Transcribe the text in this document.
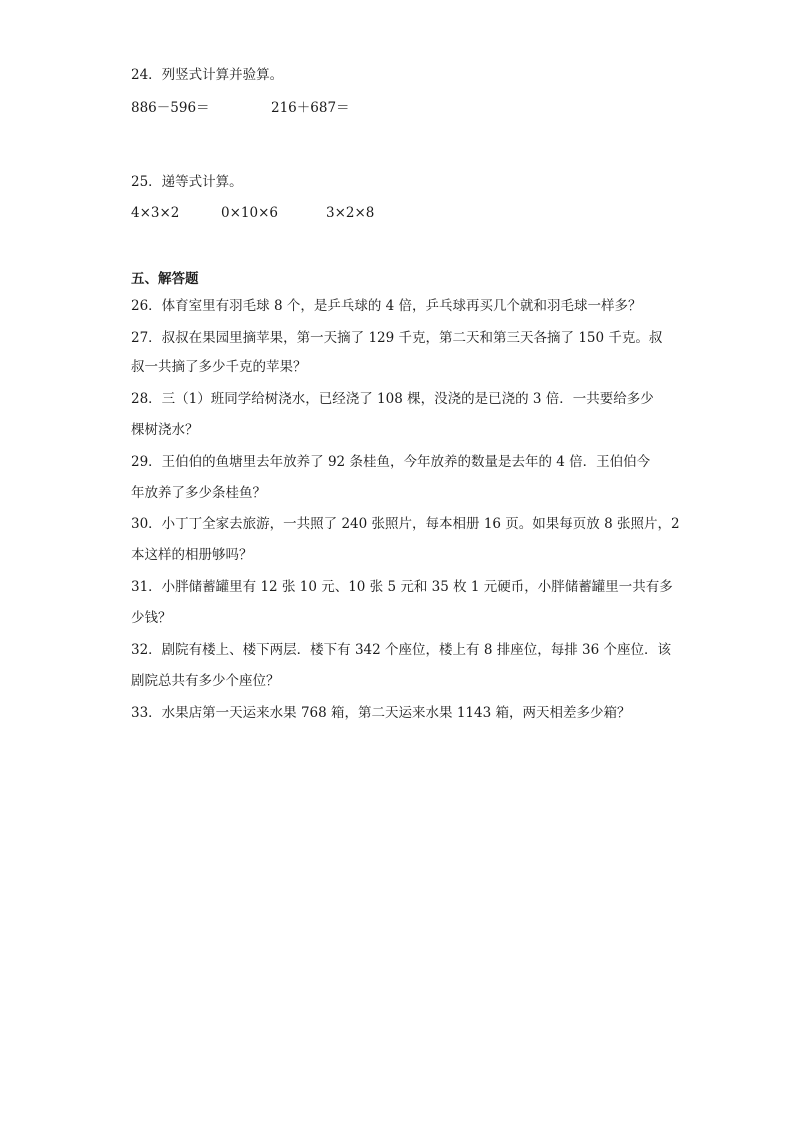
24．列竖式计算并验算。
886－596＝	216＋687＝
25．递等式计算。
4×3×2	0×10×6	3×2×8
五、解答题
26．体育室里有羽毛球 8 个，是乒乓球的 4 倍，乒乓球再买几个就和羽毛球一样多？
27．叔叔在果园里摘苹果，第一天摘了 129 千克，第二天和第三天各摘了 150 千克。叔
叔一共摘了多少千克的苹果？
28．三（1）班同学给树浇水，已经浇了 108 棵，没浇的是已浇的 3 倍．一共要给多少
棵树浇水？
29．王伯伯的鱼塘里去年放养了 92 条桂鱼，今年放养的数量是去年的 4 倍．王伯伯今
年放养了多少条桂鱼？
30．小丁丁全家去旅游，一共照了 240 张照片，每本相册 16 页。如果每页放 8 张照片，2
本这样的相册够吗？
31．小胖储蓄罐里有 12 张 10 元、10 张 5 元和 35 枚 1 元硬币，小胖储蓄罐里一共有多
少钱？
32．剧院有楼上、楼下两层．楼下有 342 个座位，楼上有 8 排座位，每排 36 个座位．该
剧院总共有多少个座位？
33．水果店第一天运来水果 768 箱，第二天运来水果 1143 箱，两天相差多少箱？
